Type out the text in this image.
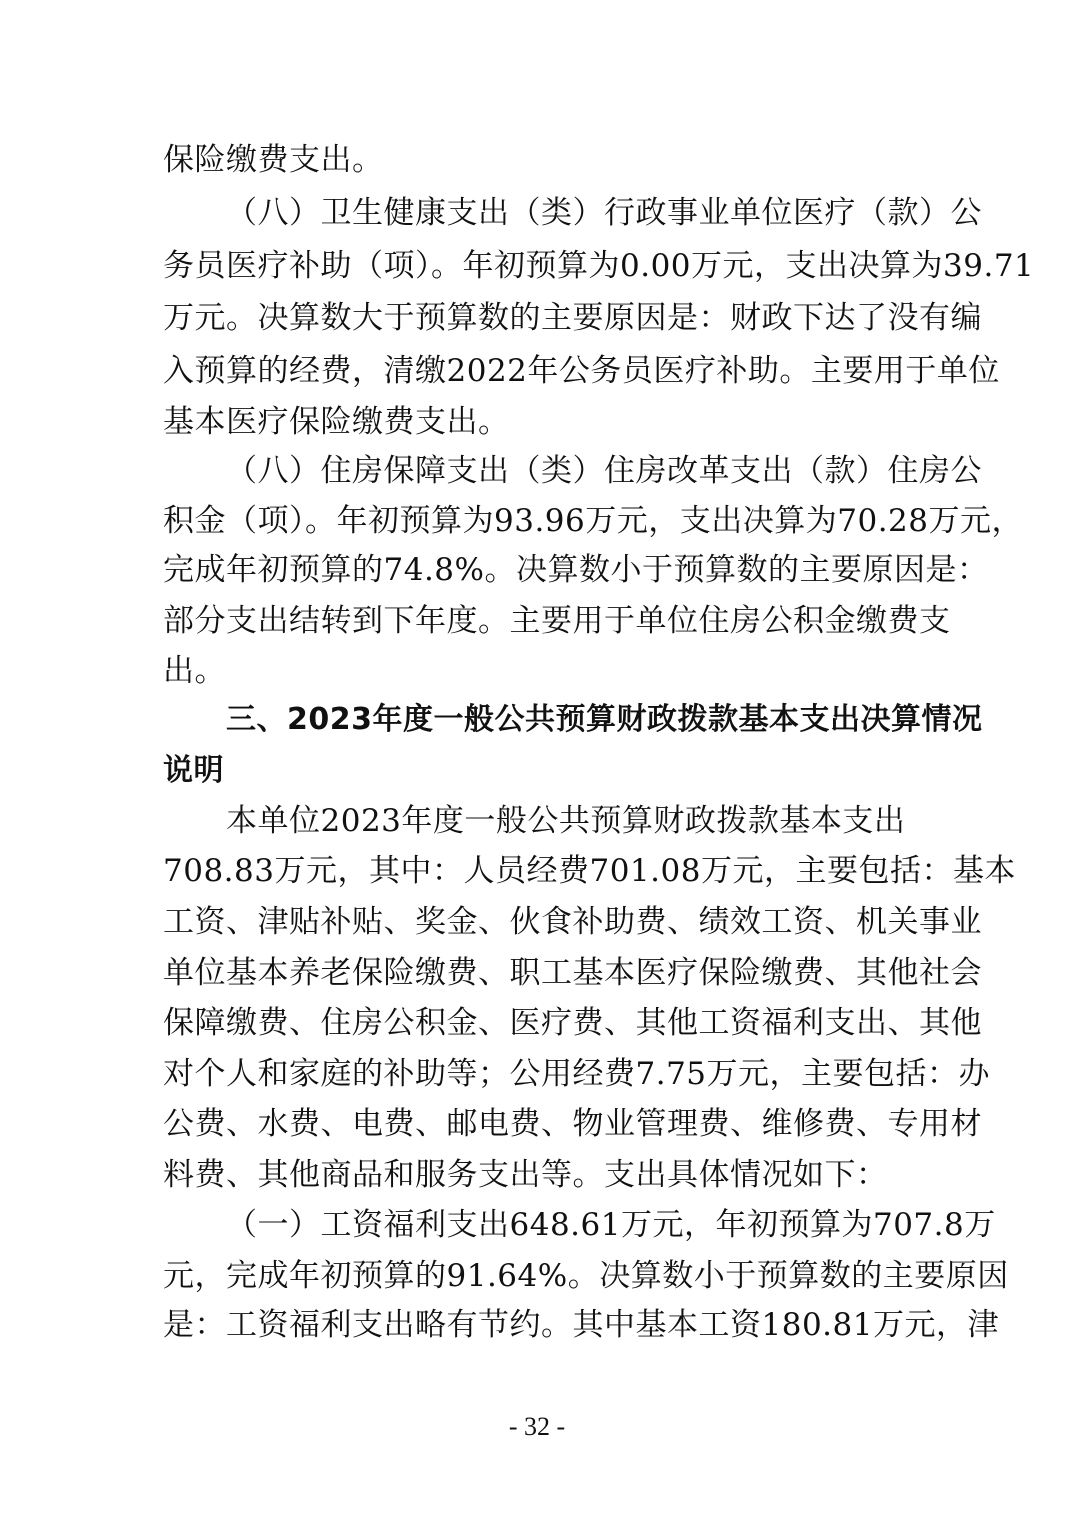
保险缴费支出。
（八）卫生健康支出（类）行政事业单位医疗（款）公
务员医疗补助（项）。年初预算为0.00万元，支出决算为39.71
万元。决算数大于预算数的主要原因是：财政下达了没有编
入预算的经费，清缴2022年公务员医疗补助。主要用于单位
基本医疗保险缴费支出。
（八）住房保障支出（类）住房改革支出（款）住房公
积金（项）。年初预算为93.96万元，支出决算为70.28万元，
完成年初预算的74.8%。决算数小于预算数的主要原因是：
部分支出结转到下年度。主要用于单位住房公积金缴费支
出。
三、2023年度一般公共预算财政拨款基本支出决算情况
说明
本单位2023年度一般公共预算财政拨款基本支出
708.83万元，其中：人员经费701.08万元，主要包括：基本
工资、津贴补贴、奖金、伙食补助费、绩效工资、机关事业
单位基本养老保险缴费、职工基本医疗保险缴费、其他社会
保障缴费、住房公积金、医疗费、其他工资福利支出、其他
对个人和家庭的补助等；公用经费7.75万元，主要包括：办
公费、水费、电费、邮电费、物业管理费、维修费、专用材
料费、其他商品和服务支出等。支出具体情况如下：
（一）工资福利支出648.61万元，年初预算为707.8万
元，完成年初预算的91.64%。决算数小于预算数的主要原因
是：工资福利支出略有节约。其中基本工资180.81万元，津
- 32 -
